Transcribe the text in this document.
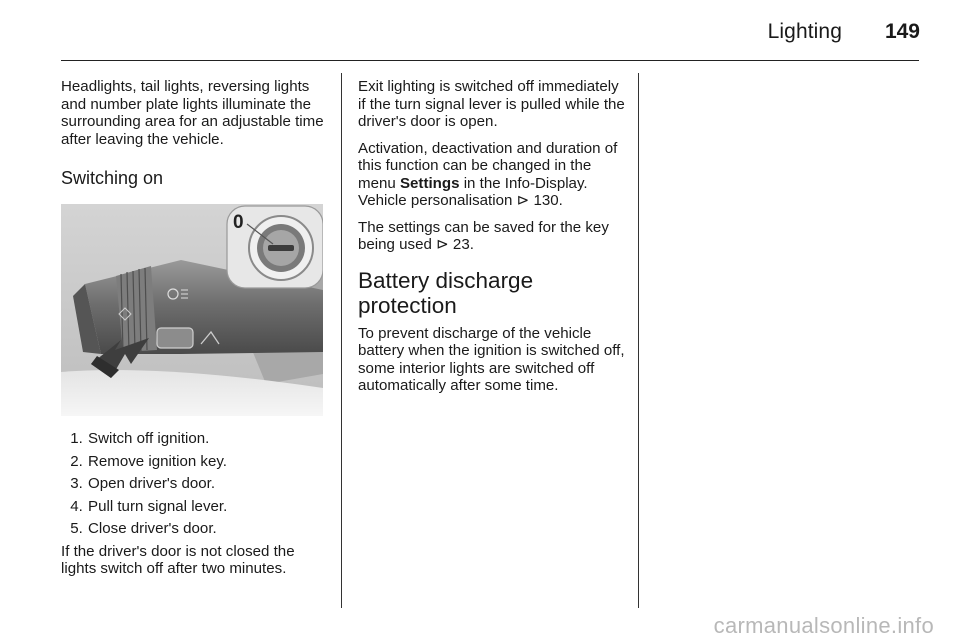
Lighting 149

Headlights, tail lights, reversing lights and number plate lights illuminate the surrounding area for an adjustable time after leaving the vehicle.

Switching on
0
1. Switch off ignition.
2. Remove ignition key.
3. Open driver's door.
4. Pull turn signal lever.
5. Close driver's door.

If the driver's door is not closed the lights switch off after two minutes.

Exit lighting is switched off immediately if the turn signal lever is pulled while the driver's door is open.

Activation, deactivation and duration of this function can be changed in the menu Settings in the Info-Display. Vehicle personalisation ⊳ 130.

The settings can be saved for the key being used ⊳ 23.

Battery discharge
protection

To prevent discharge of the vehicle battery when the ignition is switched off, some interior lights are switched off automatically after some time.

carmanualsonline.info
